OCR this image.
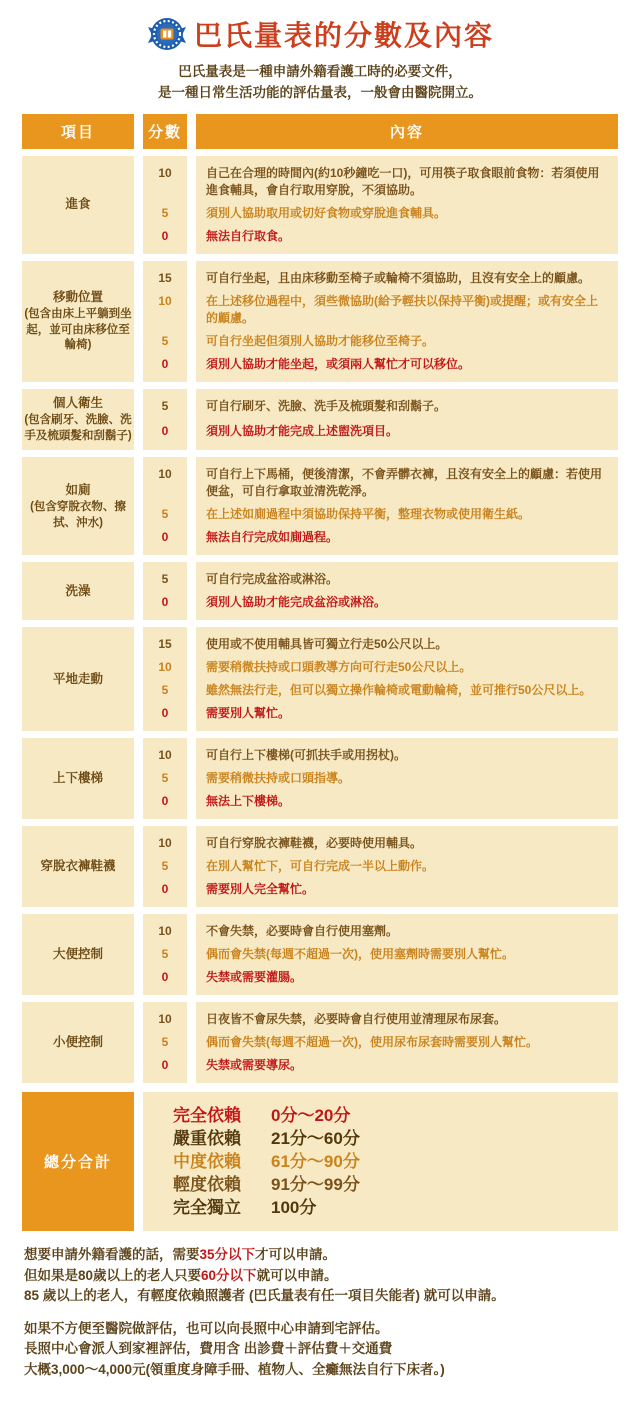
巴氏量表的分數及內容
巴氏量表是一種申請外籍看護工時的必要文件，
是一種日常生活功能的評估量表，一般會由醫院開立。
項目	分數	內容
進食
10	自己在合理的時間內(約10秒鐘吃一口)，可用筷子取食眼前食物：若須使用進食輔具，會自行取用穿脫，不須協助。
5	須別人協助取用或切好食物或穿脫進食輔具。
0	無法自行取食。
移動位置
(包含由床上平躺到坐起，並可由床移位至輪椅)
15	可自行坐起，且由床移動至椅子或輪椅不須協助，且沒有安全上的顧慮。
10	在上述移位過程中，須些微協助(給予輕扶以保持平衡)或提醒；或有安全上的顧慮。
5	可自行坐起但須別人協助才能移位至椅子。
0	須別人協助才能坐起，或須兩人幫忙才可以移位。
個人衛生
(包含刷牙、洗臉、洗手及梳頭髮和刮鬍子)
5	可自行刷牙、洗臉、洗手及梳頭髮和刮鬍子。
0	須別人協助才能完成上述盥洗項目。
如廁
(包含穿脫衣物、擦拭、沖水)
10	可自行上下馬桶，便後清潔，不會弄髒衣褲，且沒有安全上的顧慮：若使用便盆，可自行拿取並清洗乾淨。
5	在上述如廁過程中須協助保持平衡，整理衣物或使用衛生紙。
0	無法自行完成如廁過程。
洗澡
5	可自行完成盆浴或淋浴。
0	須別人協助才能完成盆浴或淋浴。
平地走動
15	使用或不使用輔具皆可獨立行走50公尺以上。
10	需要稍微扶持或口頭教導方向可行走50公尺以上。
5	雖然無法行走，但可以獨立操作輪椅或電動輪椅，並可推行50公尺以上。
0	需要別人幫忙。
上下樓梯
10	可自行上下樓梯(可抓扶手或用拐杖)。
5	需要稍微扶持或口頭指導。
0	無法上下樓梯。
穿脫衣褲鞋襪
10	可自行穿脫衣褲鞋襪，必要時使用輔具。
5	在別人幫忙下，可自行完成一半以上動作。
0	需要別人完全幫忙。
大便控制
10	不會失禁，必要時會自行使用塞劑。
5	偶而會失禁(每週不超過一次)，使用塞劑時需要別人幫忙。
0	失禁或需要灌腸。
小便控制
10	日夜皆不會尿失禁，必要時會自行使用並清理尿布尿套。
5	偶而會失禁(每週不超過一次)，使用尿布尿套時需要別人幫忙。
0	失禁或需要導尿。
總分合計
完全依賴	0分～20分
嚴重依賴	21分～60分
中度依賴	61分～90分
輕度依賴	91分～99分
完全獨立	100分
想要申請外籍看護的話，需要35分以下才可以申請。
但如果是80歲以上的老人只要60分以下就可以申請。
85 歲以上的老人，有輕度依賴照護者 (巴氏量表有任一項目失能者) 就可以申請。
如果不方便至醫院做評估，也可以向長照中心申請到宅評估。
長照中心會派人到家裡評估，費用含 出診費＋評估費＋交通費
大概3,000～4,000元(領重度身障手冊、植物人、全癱無法自行下床者。)
